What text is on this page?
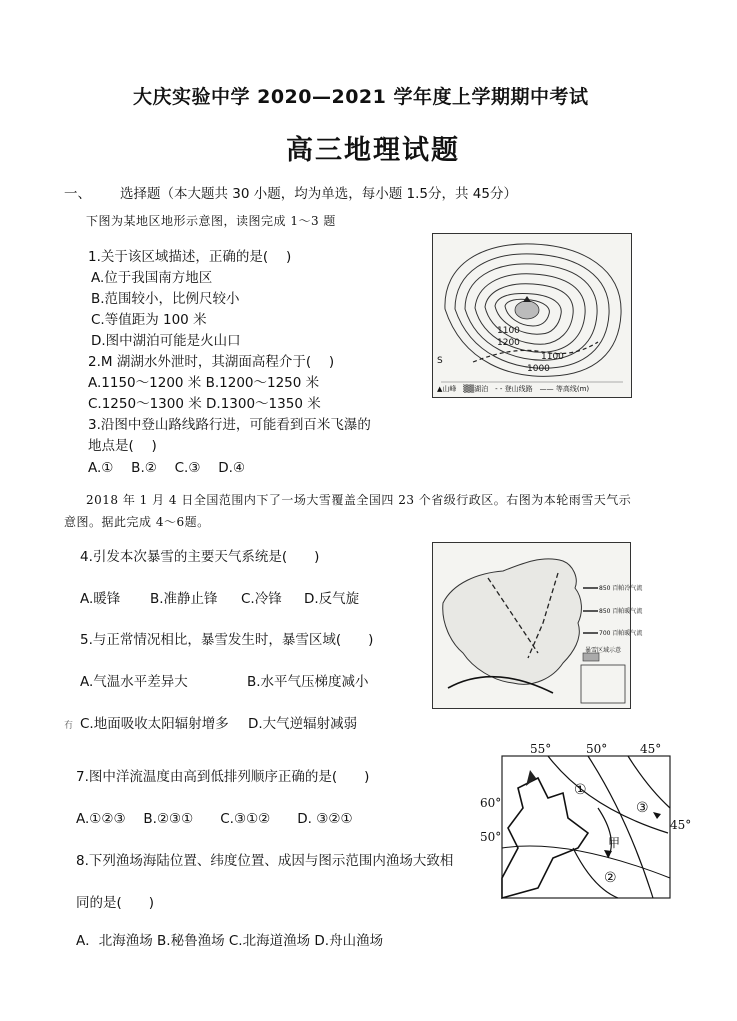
大庆实验中学 2020—2021 学年度上学期期中考试
高三地理试题
一、 选择题（本大题共 30 小题，均为单选，每小题 1.5分，共 45分）
下图为某地区地形示意图，读图完成 1～3 题
1.关于该区域描述，正确的是(　 )
A.位于我国南方地区
B.范围较小，比例尺较小
C.等值距为 100 米
D.图中湖泊可能是火山口
2.M 湖湖水外泄时，其湖面高程介于(　 )
A.1150～1200 米 B.1200～1250 米
C.1250～1300 米 D.1300～1350 米
3.沿图中登山路线路行进，可能看到百米飞瀑的
地点是(　 )
A.①　 B.②　 C.③　 D.④
1100
1200
1000
1100
S
▲山峰　▒▒湖泊　- - 登山线路　—— 等高线(m)
2018 年 1 月 4 日全国范围内下了一场大雪覆盖全国四 23 个省级行政区。右图为本轮雨雪天气示
意图。据此完成 4～6题。
4.引发本次暴雪的主要天气系统是(　　)
A.暖锋 B.准静止锋 C.冷锋 D.反气旋
5.与正常情况相比，暴雪发生时，暴雪区域(　　)
A.气温水平差异大	B.水平气压梯度减小
冇 C.地面吸收太阳辐射增多 D.大气逆辐射减弱
850 百帕冷气流
850 百帕暖气流
700 百帕暖气流
暴雪区域示意
7.图中洋流温度由高到低排列顺序正确的是(　　)
A.①②③　 B.②③①　　C.③①②　　D. ③②①
8.下列渔场海陆位置、纬度位置、成因与图示范围内渔场大致相
同的是(　　)
A．北海渔场 B.秘鲁渔场 C.北海道渔场 D.舟山渔场
55°	50°	45°
60°
50°
45°
①
③
②
甲
